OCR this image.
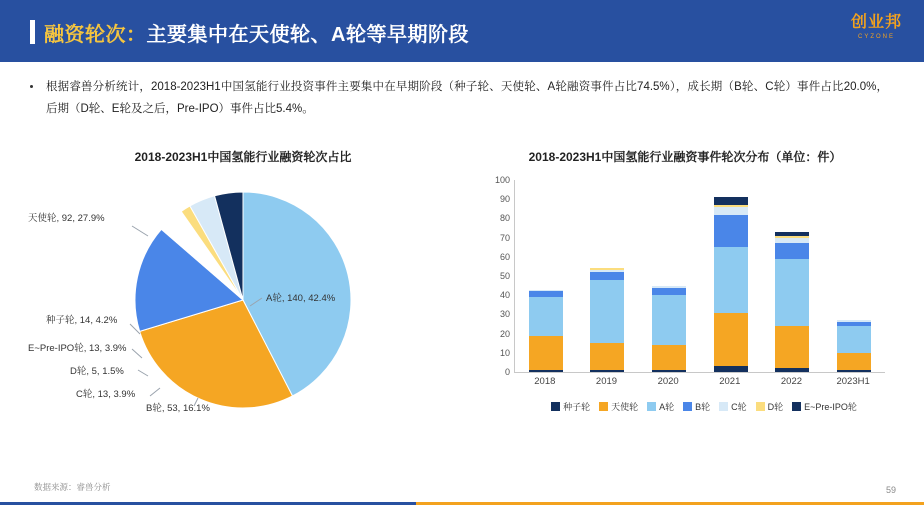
融资轮次：主要集中在天使轮、A轮等早期阶段
创业邦
CYZONE
根据睿兽分析统计，2018-2023H1中国氢能行业投资事件主要集中在早期阶段（种子轮、天使轮、A轮融资事件占比74.5%），成长期（B轮、C轮）事件占比20.0%，后期（D轮、E轮及之后，Pre-IPO）事件占比5.4%。
2018-2023H1中国氢能行业融资轮次占比
A轮, 140, 42.4%
天使轮, 92, 27.9%
B轮, 53, 16.1%
C轮, 13, 3.9%
D轮, 5, 1.5%
E~Pre-IPO轮, 13, 3.9%
种子轮, 14, 4.2%
2018-2023H1中国氢能行业融资事件轮次分布（单位：件）
0
10
20
30
40
50
60
70
80
90
100
2018	2019	2020	2021	2022	2023H1
种子轮 天使轮 A轮 B轮 C轮 D轮 E~Pre-IPO轮
数据来源：睿兽分析	59
